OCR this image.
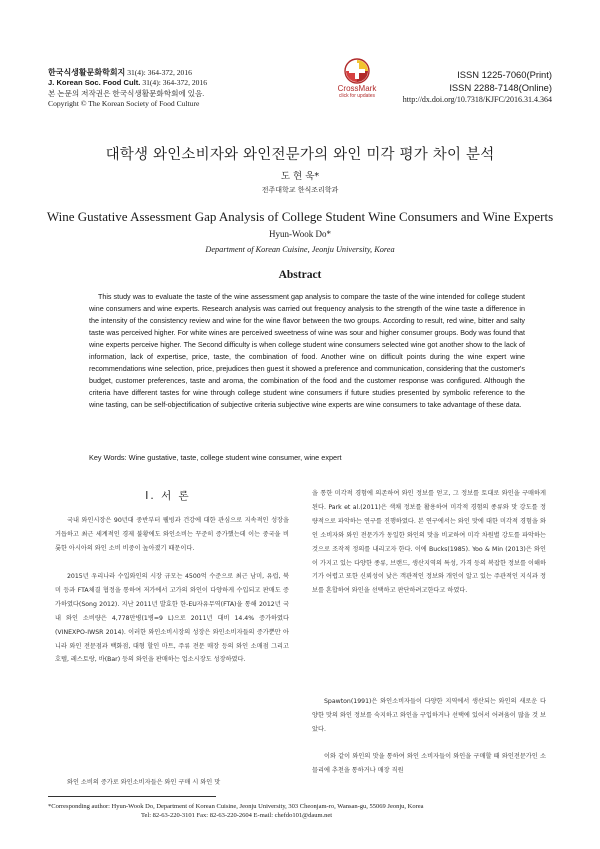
한국식생활문화학회지 31(4): 364-372, 2016
J. Korean Soc. Food Cult. 31(4): 364-372, 2016
본 논문의 저작권은 한국식생활문화학회에 있음.
Copyright © The Korean Society of Food Culture
CrossMark
click for updates
ISSN 1225-7060(Print)
ISSN 2288-7148(Online)
http://dx.doi.org/10.7318/KJFC/2016.31.4.364
대학생 와인소비자와 와인전문가의 와인 미각 평가 차이 분석
도 현 욱*
전주대학교 한식조리학과
Wine Gustative Assessment Gap Analysis of College Student Wine Consumers and Wine Experts
Hyun-Wook Do*
Department of Korean Cuisine, Jeonju University, Korea
Abstract

This study was to evaluate the taste of the wine assessment gap analysis to compare the taste of the wine intended for college student wine consumers and wine experts. Research analysis was carried out frequency analysis to the strength of the wine taste a difference in the intensity of the consistency review and wine for the wine flavor between the two groups. According to result, red wine, bitter and salty taste was perceived higher. For white wines are perceived sweetness of wine was sour and higher consumer groups. Body was found that wine experts perceive higher. The Second difficulty is when college student wine consumers selected wine got another show to the lack of information, lack of expertise, price, taste, the combination of food. Another wine on difficult points during the wine expert wine recommendations wine selection, price, prejudices then guest it showed a preference and communication, considering that the customer's budget, customer preferences, taste and aroma, the combination of the food and the customer response was configured. Although the criteria have different tastes for wine through college student wine consumers if future studies presented by symbolic reference to the wine tasting, can be self-objectification of subjective criteria subjective wine experts are wine consumers to take advantage of these data.

Key Words: Wine gustative, taste, college student wine consumer, wine expert
I. 서 론

국내 와인시장은 90년대 중반부터 웰빙과 건강에 대한 관심으로 지속적인 성장을 거듭하고 최근 세계적인 경제 불황에도 와인소비는 꾸준히 증가했는데 이는 중국을 비롯한 아시아의 와인 소비 비중이 높아졌기 때문이다.

2015년 우리나라 수입와인의 시장 규모는 4500억 수준으로 최근 남미, 유럽, 북미 등과 FTA체결 협정을 통하여 저가에서 고가의 와인이 다양하게 수입되고 판매도 증가하였다(Song 2012). 지난 2011년 발효한 한-EU자유무역(FTA)을 통해 2012년 국내 와인 소비량은 4,778만병(1병=9 L)으로 2011년 대비 14.4% 증가하였다(VINEXPO-IWSR 2014). 이러한 와인소비시장의 성장은 와인소비자들의 증가뿐만 아니라 와인 전문점과 백화점, 대형 할인 마트, 주류 전문 매장 등의 와인 소매점 그리고 호텔, 레스토랑, 바(Bar) 등의 와인을 판매하는 업소시장도 성장하였다.

와인 소비의 증가로 와인소비자들은 와인 구매 시 와인 맛

을 통한 미각적 경험에 의존하여 와인 정보를 얻고, 그 정보를 토대로 와인을 구매하게 된다. Park et al.(2011)은 색채 정보를 활용하여 미각적 경험의 종류와 맛 강도를 정량적으로 파악하는 연구를 진행하였다. 본 연구에서는 와인 맛에 대한 미각적 경험을 와인 소비자와 와인 전문가가 동일한 와인의 맛을 비교하여 미각 차원별 강도를 파악하는 것으로 조작적 정의를 내리고자 한다. 이에 Bucks(1985). Yoo & Min (2013)은 와인이 가지고 있는 다양한 종류, 브랜드, 생산지역의 특성, 가격 등의 복잡한 정보를 이해하기가 어렵고 또한 신뢰성이 낮은 객관적인 정보와 개인이 알고 있는 주관적인 지식과 정보를 혼합하여 와인을 선택하고 판단하려고한다고 하였다.

Spawton(1991)은 와인소비자들이 다양한 지역에서 생산되는 와인의 새로운 다양한 맛의 와인 정보를 숙지하고 와인을 구입하거나 선택에 있어서 어려움이 많을 것 보았다.

이와 같이 와인의 맛을 통하여 와인 소비자들이 와인을 구매할 때 와인전문가인 소믈리에 추천을 통하거나 매장 직원

*Corresponding author: Hyun-Wook Do, Department of Korean Cuisine, Jeonju University, 303 Cheonjam-ro, Wansan-gu, 55069 Jeonju, Korea
Tel: 82-63-220-3101 Fax: 82-63-220-2604 E-mail: chefdo101@daum.net
